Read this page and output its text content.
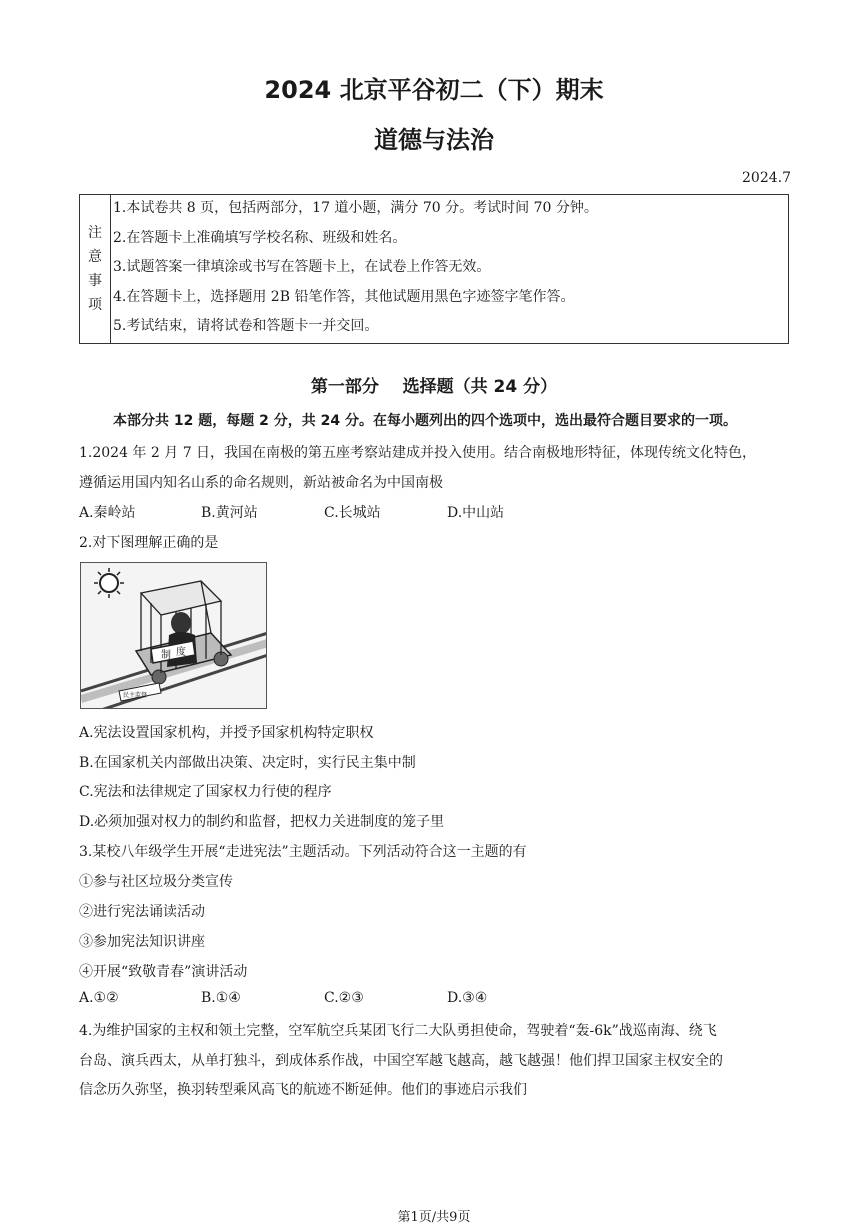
2024 北京平谷初二（下）期末
道德与法治
2024.7
注
意
事
项
1.本试卷共 8 页，包括两部分，17 道小题，满分 70 分。考试时间 70 分钟。
2.在答题卡上准确填写学校名称、班级和姓名。
3.试题答案一律填涂或书写在答题卡上，在试卷上作答无效。
4.在答题卡上，选择题用 2B 铅笔作答，其他试题用黑色字迹签字笔作答。
5.考试结束，请将试卷和答题卡一并交回。
第一部分    选择题（共 24 分）
本部分共 12 题，每题 2 分，共 24 分。在每小题列出的四个选项中，选出最符合题目要求的一项。
1.2024 年 2 月 7 日，我国在南极的第五座考察站建成并投入使用。结合南极地形特征，体现传统文化特色，
遵循运用国内知名山系的命名规则，新站被命名为中国南极
A.秦岭站	B.黄河站	C.长城站	D.中山站
2.对下图理解正确的是
制 度
民主监督
A.宪法设置国家机构，并授予国家机构特定职权
B.在国家机关内部做出决策、决定时，实行民主集中制
C.宪法和法律规定了国家权力行使的程序
D.必须加强对权力的制约和监督，把权力关进制度的笼子里
3.某校八年级学生开展“走进宪法”主题活动。下列活动符合这一主题的有
①参与社区垃圾分类宣传
②进行宪法诵读活动
③参加宪法知识讲座
④开展“致敬青春”演讲活动
A.①②	B.①④	C.②③	D.③④
4.为维护国家的主权和领土完整，空军航空兵某团飞行二大队勇担使命，驾驶着“轰-6k”战巡南海、绕飞
台岛、演兵西太，从单打独斗，到成体系作战，中国空军越飞越高，越飞越强！他们捍卫国家主权安全的
信念历久弥坚，换羽转型乘风高飞的航迹不断延伸。他们的事迹启示我们
第1页/共9页
